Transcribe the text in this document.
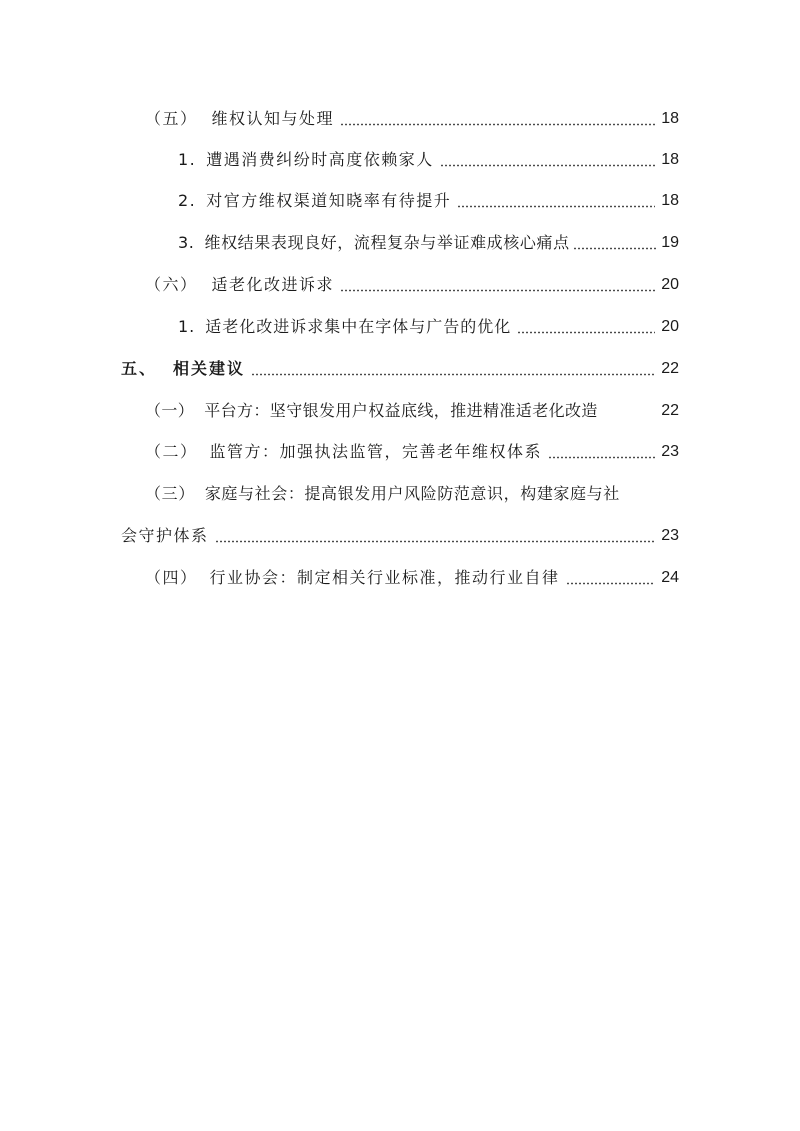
（五） 维权认知与处理	18
1. 遭遇消费纠纷时高度依赖家人	18
2. 对官方维权渠道知晓率有待提升	18
3. 维权结果表现良好，流程复杂与举证难成核心痛点	19
（六） 适老化改进诉求	20
1. 适老化改进诉求集中在字体与广告的优化	20
五、 相关建议	22
（一） 平台方：坚守银发用户权益底线，推进精准适老化改造	22
（二） 监管方：加强执法监管，完善老年维权体系	23
（三） 家庭与社会：提高银发用户风险防范意识，构建家庭与社
会守护体系	23
（四） 行业协会：制定相关行业标准，推动行业自律	24
